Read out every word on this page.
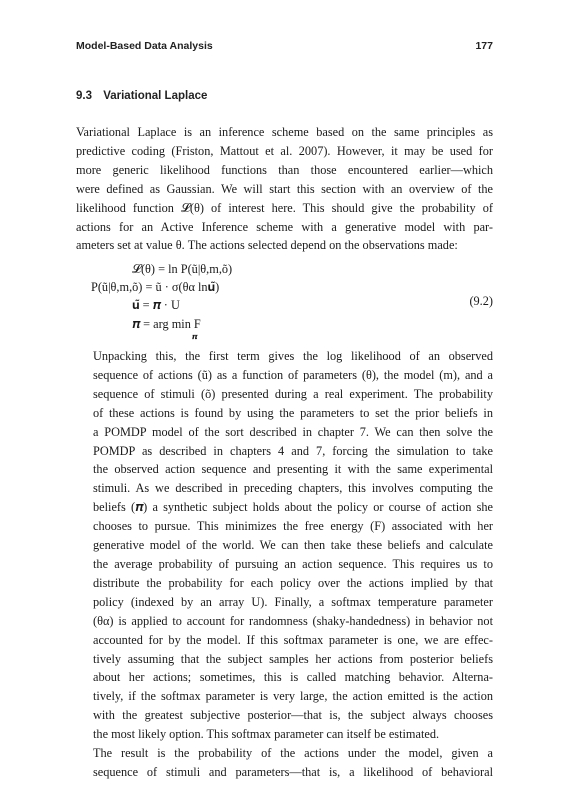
Model-Based Data Analysis	177
9.3 Variational Laplace
Variational Laplace is an inference scheme based on the same principles as
predictive coding (Friston, Mattout et al. 2007). However, it may be used for
more generic likelihood functions than those encountered earlier—which
were defined as Gaussian. We will start this section with an overview of the
likelihood function 𝓛(θ) of interest here. This should give the probability of
actions for an Active Inference scheme with a generative model with par-
ameters set at value θ. The actions selected depend on the observations made:
𝓛(θ) = ln P(ũ|θ,m,õ)
P(ũ|θ,m,õ) = ũ · σ(θα ln𝐮̃)
𝐮̃ = 𝝅 · U
𝝅 = arg min F
𝝅
(9.2)
Unpacking this, the first term gives the log likelihood of an observed
sequence of actions (ũ) as a function of parameters (θ), the model (m), and a
sequence of stimuli (õ) presented during a real experiment. The probability
of these actions is found by using the parameters to set the prior beliefs in
a POMDP model of the sort described in chapter 7. We can then solve the
POMDP as described in chapters 4 and 7, forcing the simulation to take
the observed action sequence and presenting it with the same experimental
stimuli. As we described in preceding chapters, this involves computing the
beliefs (𝝅) a synthetic subject holds about the policy or course of action she
chooses to pursue. This minimizes the free energy (F) associated with her
generative model of the world. We can then take these beliefs and calculate
the average probability of pursuing an action sequence. This requires us to
distribute the probability for each policy over the actions implied by that
policy (indexed by an array U). Finally, a softmax temperature parameter
(θα) is applied to account for randomness (shaky-handedness) in behavior not
accounted for by the model. If this softmax parameter is one, we are effec-
tively assuming that the subject samples her actions from posterior beliefs
about her actions; sometimes, this is called matching behavior. Alterna-
tively, if the softmax parameter is very large, the action emitted is the action
with the greatest subjective posterior—that is, the subject always chooses
the most likely option. This softmax parameter can itself be estimated.
The result is the probability of the actions under the model, given a
sequence of stimuli and parameters—that is, a likelihood of behavioral
